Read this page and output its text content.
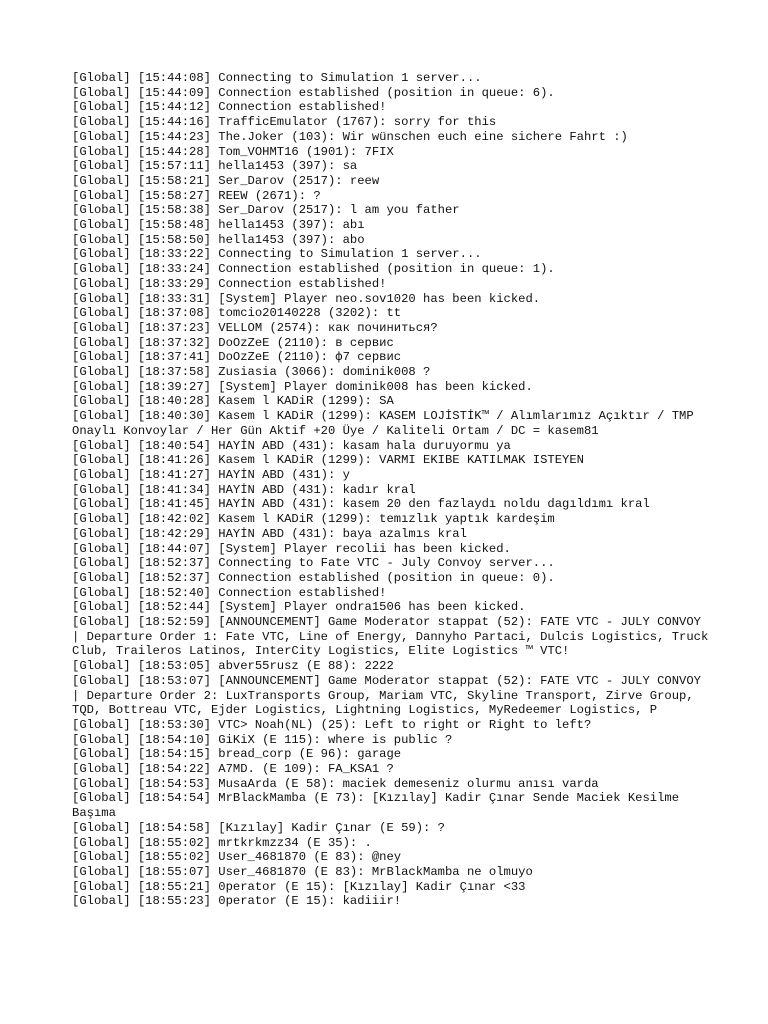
[Global] [15:44:08] Connecting to Simulation 1 server...
[Global] [15:44:09] Connection established (position in queue: 6).
[Global] [15:44:12] Connection established!
[Global] [15:44:16] TrafficEmulator (1767): sorry for this
[Global] [15:44:23] The.Joker (103): Wir wünschen euch eine sichere Fahrt :)
[Global] [15:44:28] Tom_VOHMT16 (1901): 7FIX
[Global] [15:57:11] hella1453 (397): sa
[Global] [15:58:21] Ser_Darov (2517): reew
[Global] [15:58:27] REEW (2671): ?
[Global] [15:58:38] Ser_Darov (2517): l am you father
[Global] [15:58:48] hella1453 (397): abı
[Global] [15:58:50] hella1453 (397): abo
[Global] [18:33:22] Connecting to Simulation 1 server...
[Global] [18:33:24] Connection established (position in queue: 1).
[Global] [18:33:29] Connection established!
[Global] [18:33:31] [System] Player neo.sov1020 has been kicked.
[Global] [18:37:08] tomcio20140228 (3202): tt
[Global] [18:37:23] VELLOM (2574): как починиться?
[Global] [18:37:32] DoOzZeE (2110): в сервис
[Global] [18:37:41] DoOzZeE (2110): ф7 сервис
[Global] [18:37:58] Zusiasia (3066): dominik008 ?
[Global] [18:39:27] [System] Player dominik008 has been kicked.
[Global] [18:40:28] Kasem l KADiR (1299): SA
[Global] [18:40:30] Kasem l KADiR (1299): KASEM LOJİSTİK™ / Alımlarımız Açıktır / TMP Onaylı Konvoylar / Her Gün Aktif +20 Üye / Kaliteli Ortam / DC = kasem81
[Global] [18:40:54] HAYİN ABD (431): kasam hala duruyormu ya
[Global] [18:41:26] Kasem l KADiR (1299): VARMI EKIBE KATILMAK ISTEYEN
[Global] [18:41:27] HAYİN ABD (431): y
[Global] [18:41:34] HAYİN ABD (431): kadır kral
[Global] [18:41:45] HAYİN ABD (431): kasem 20 den fazlaydı noldu dagıldımı kral
[Global] [18:42:02] Kasem l KADiR (1299): temızlık yaptık kardeşim
[Global] [18:42:29] HAYİN ABD (431): baya azalmıs kral
[Global] [18:44:07] [System] Player recolii has been kicked.
[Global] [18:52:37] Connecting to Fate VTC - July Convoy server...
[Global] [18:52:37] Connection established (position in queue: 0).
[Global] [18:52:40] Connection established!
[Global] [18:52:44] [System] Player ondra1506 has been kicked.
[Global] [18:52:59] [ANNOUNCEMENT] Game Moderator stappat (52): FATE VTC - JULY CONVOY | Departure Order 1: Fate VTC, Line of Energy, Dannyho Partaci, Dulcis Logistics, Truck Club, Traileros Latinos, InterCity Logistics, Elite Logistics ™ VTC!
[Global] [18:53:05] abver55rusz (E 88): 2222
[Global] [18:53:07] [ANNOUNCEMENT] Game Moderator stappat (52): FATE VTC - JULY CONVOY | Departure Order 2: LuxTransports Group, Mariam VTC, Skyline Transport, Zirve Group, TQD, Bottreau VTC, Ejder Logistics, Lightning Logistics, MyRedeemer Logistics, P
[Global] [18:53:30] VTC> Noah(NL) (25): Left to right or Right to left?
[Global] [18:54:10] GiKiX (E 115): where is public ?
[Global] [18:54:15] bread_corp (E 96): garage
[Global] [18:54:22] A7MD. (E 109): FA_KSA1 ?
[Global] [18:54:53] MusaArda (E 58): maciek demeseniz olurmu anısı varda
[Global] [18:54:54] MrBlackMamba (E 73): [Kızılay] Kadir Çınar Sende Maciek Kesilme Başıma
[Global] [18:54:58] [Kızılay] Kadir Çınar (E 59): ?
[Global] [18:55:02] mrtkrkmzz34 (E 35): .
[Global] [18:55:02] User_4681870 (E 83): @ney
[Global] [18:55:07] User_4681870 (E 83): MrBlackMamba ne olmuyo
[Global] [18:55:21] 0perator (E 15): [Kızılay] Kadir Çınar <33
[Global] [18:55:23] 0perator (E 15): kadiiir!
